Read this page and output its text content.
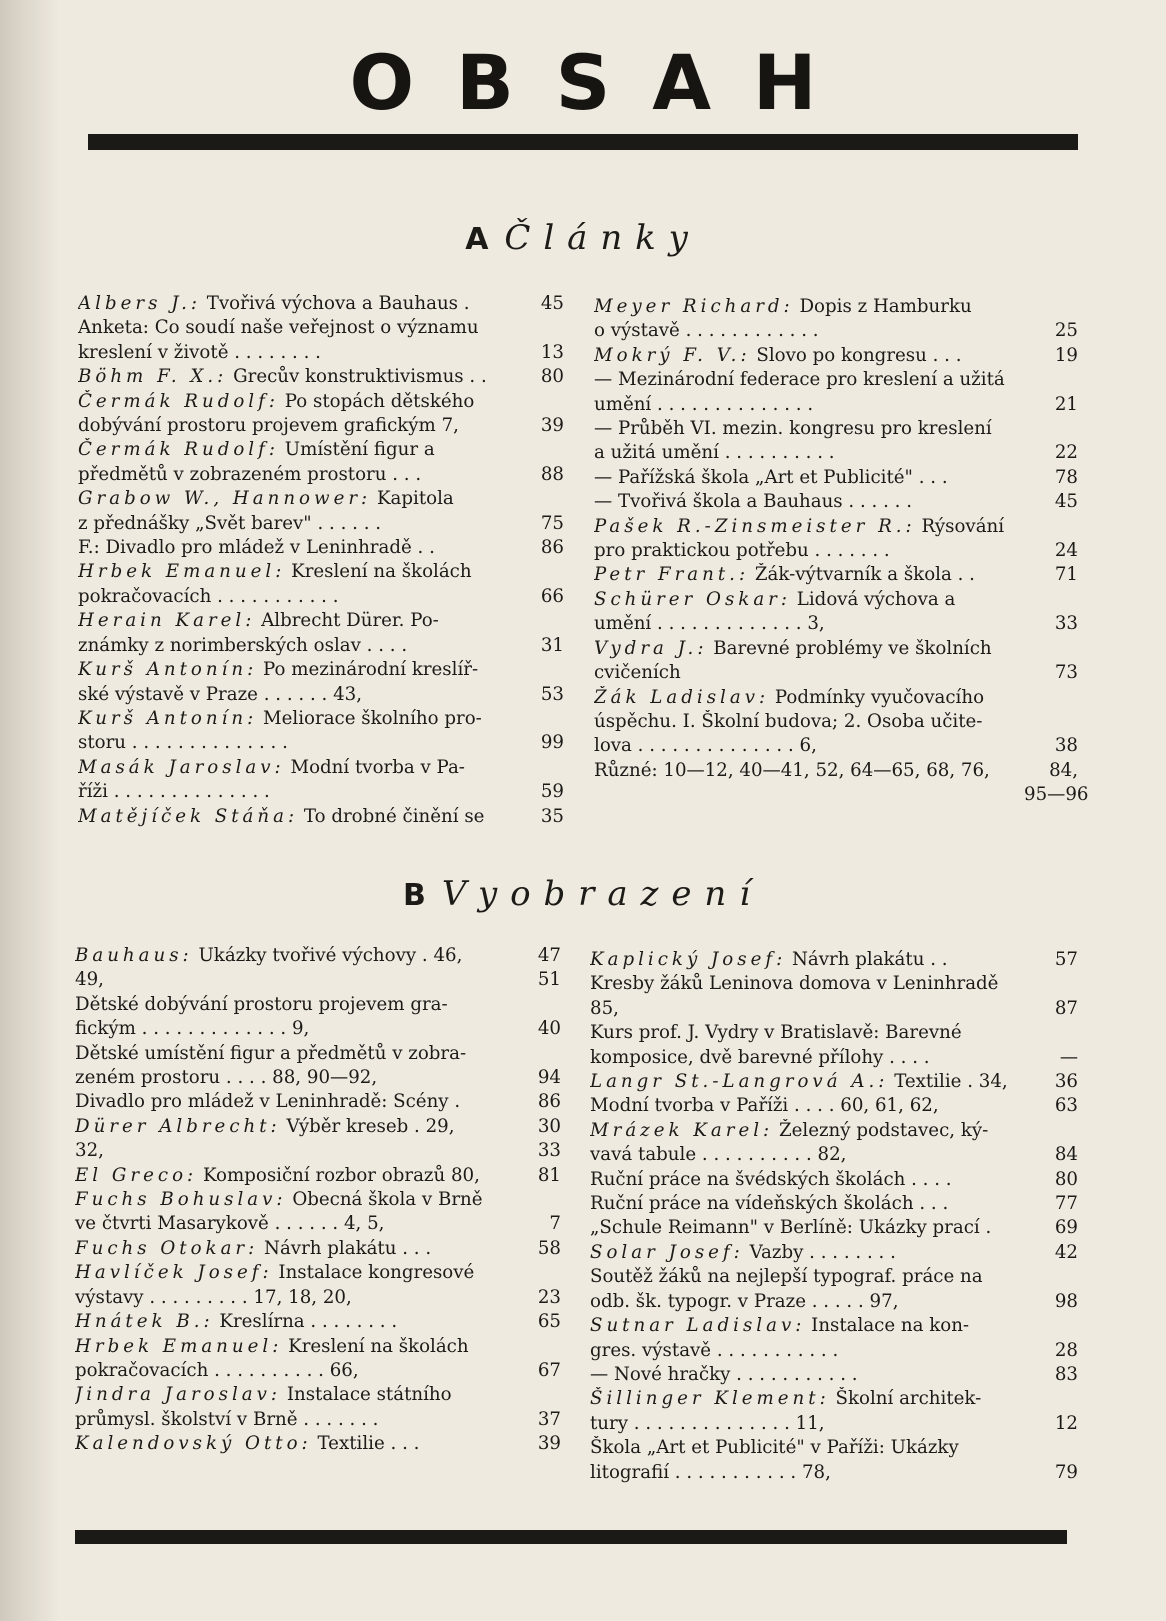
OBSAH
A Články
Albers J.: Tvořivá výchova a Bauhaus .	45
Anketa: Co soudí naše veřejnost o významu
kreslení v životě . . . . . . . .	13
Böhm F. X.: Grecův konstruktivismus . .	80
Čermák Rudolf: Po stopách dětského
dobývání prostoru projevem grafickým 7,	39
Čermák Rudolf: Umístění figur a
předmětů v zobrazeném prostoru . . .	88
Grabow W., Hannower: Kapitola
z přednášky „Svět barev" . . . . . .	75
F.: Divadlo pro mládež v Leninhradě . .	86
Hrbek Emanuel: Kreslení na školách
pokračovacích . . . . . . . . . . .	66
Herain Karel: Albrecht Dürer. Po-
známky z norimberských oslav . . . .	31
Kurš Antonín: Po mezinárodní kreslíř-
ské výstavě v Praze . . . . . . 43,	53
Kurš Antonín: Meliorace školního pro-
storu . . . . . . . . . . . . . .	99
Masák Jaroslav: Modní tvorba v Pa-
říži . . . . . . . . . . . . . .	59
Matějíček Stáňa: To drobné činění se	35
Meyer Richard: Dopis z Hamburku
o výstavě . . . . . . . . . . . .	25
Mokrý F. V.: Slovo po kongresu . . .	19
— Mezinárodní federace pro kreslení a užitá
umění . . . . . . . . . . . . . .	21
— Průběh VI. mezin. kongresu pro kreslení
a užitá umění . . . . . . . . . .	22
— Pařížská škola „Art et Publicité" . . .	78
— Tvořivá škola a Bauhaus . . . . . .	45
Pašek R.-Zinsmeister R.: Rýsování
pro praktickou potřebu . . . . . . .	24
Petr Frant.: Žák-výtvarník a škola . .	71
Schürer Oskar: Lidová výchova a
umění . . . . . . . . . . . . . 3,	33
Vydra J.: Barevné problémy ve školních
cvičeních	73
Žák Ladislav: Podmínky vyučovacího
úspěchu. I. Školní budova; 2. Osoba učite-
lova . . . . . . . . . . . . . . 6,	38
Různé: 10—12, 40—41, 52, 64—65, 68, 76,	84,
95—96
B Vyobrazení
Bauhaus: Ukázky tvořivé výchovy . 46,	47
49,	51
Dětské dobývání prostoru projevem gra-
fickým . . . . . . . . . . . . . 9,	40
Dětské umístění figur a předmětů v zobra-
zeném prostoru . . . . 88, 90—92,	94
Divadlo pro mládež v Leninhradě: Scény .	86
Dürer Albrecht: Výběr kreseb . 29,	30
32,	33
El Greco: Komposiční rozbor obrazů 80,	81
Fuchs Bohuslav: Obecná škola v Brně
ve čtvrti Masarykově . . . . . . 4, 5,	7
Fuchs Otokar: Návrh plakátu . . .	58
Havlíček Josef: Instalace kongresové
výstavy . . . . . . . . . 17, 18, 20,	23
Hnátek B.: Kreslírna . . . . . . . .	65
Hrbek Emanuel: Kreslení na školách
pokračovacích . . . . . . . . . . 66,	67
Jindra Jaroslav: Instalace státního
průmysl. školství v Brně . . . . . . .	37
Kalendovský Otto: Textilie . . .	39
Kaplický Josef: Návrh plakátu . .	57
Kresby žáků Leninova domova v Leninhradě
85,	87
Kurs prof. J. Vydry v Bratislavě: Barevné
komposice, dvě barevné přílohy . . . .	—
Langr St.-Langrová A.: Textilie . 34,	36
Modní tvorba v Paříži . . . . 60, 61, 62,	63
Mrázek Karel: Železný podstavec, ký-
vavá tabule . . . . . . . . . . 82,	84
Ruční práce na švédských školách . . . .	80
Ruční práce na vídeňských školách . . .	77
„Schule Reimann" v Berlíně: Ukázky prací .	69
Solar Josef: Vazby . . . . . . . .	42
Soutěž žáků na nejlepší typograf. práce na
odb. šk. typogr. v Praze . . . . . 97,	98
Sutnar Ladislav: Instalace na kon-
gres. výstavě . . . . . . . . . . .	28
— Nové hračky . . . . . . . . . . .	83
Šillinger Klement: Školní architek-
tury . . . . . . . . . . . . . . 11,	12
Škola „Art et Publicité" v Paříži: Ukázky
litografií . . . . . . . . . . . 78,	79
